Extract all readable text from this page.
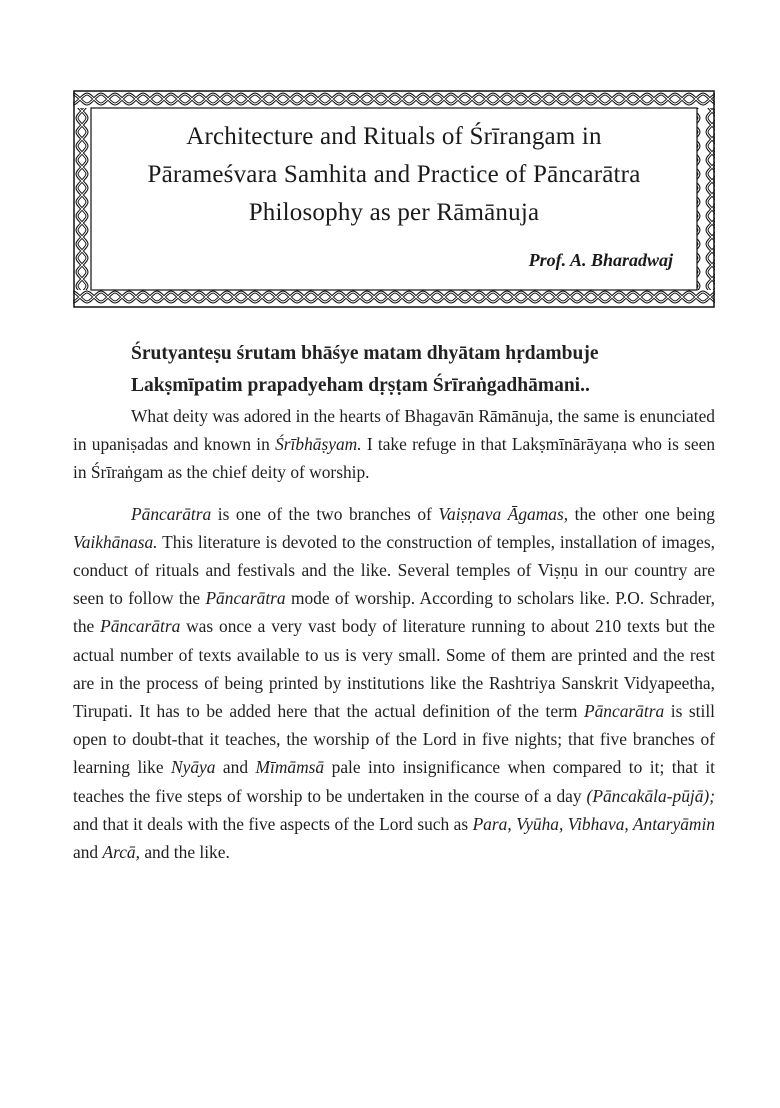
Architecture and Rituals of Śrīrangam in
Pārameśvara Samhita and Practice of Pāncarātra
Philosophy as per Rāmānuja
Prof. A. Bharadwaj
Śrutyanteṣu śrutam bhāśye matam dhyātam hṛdambuje
Lakṣmīpatim prapadyeham dṛṣṭam Śrīraṅgadhāmani..

What deity was adored in the hearts of Bhagavān Rāmānuja, the same is enunciated in upaniṣadas and known in Śrībhāṣyam. I take refuge in that Lakṣmīnārāyaṇa who is seen in Śrīraṅgam as the chief deity of worship.

Pāncarātra is one of the two branches of Vaiṣṇava Āgamas, the other one being Vaikhānasa. This literature is devoted to the construction of temples, installation of images, conduct of rituals and festivals and the like. Several temples of Viṣṇu in our country are seen to follow the Pāncarātra mode of worship. According to scholars like. P.O. Schrader, the Pāncarātra was once a very vast body of literature running to about 210 texts but the actual number of texts available to us is very small. Some of them are printed and the rest are in the process of being printed by institutions like the Rashtriya Sanskrit Vidyapeetha, Tirupati. It has to be added here that the actual definition of the term Pāncarātra is still open to doubt-that it teaches, the worship of the Lord in five nights; that five branches of learning like Nyāya and Mīmāmsā pale into insignificance when compared to it; that it teaches the five steps of worship to be undertaken in the course of a day (Pāncakāla-pūjā); and that it deals with the five aspects of the Lord such as Para, Vyūha, Vibhava, Antaryāmin and Arcā, and the like.
